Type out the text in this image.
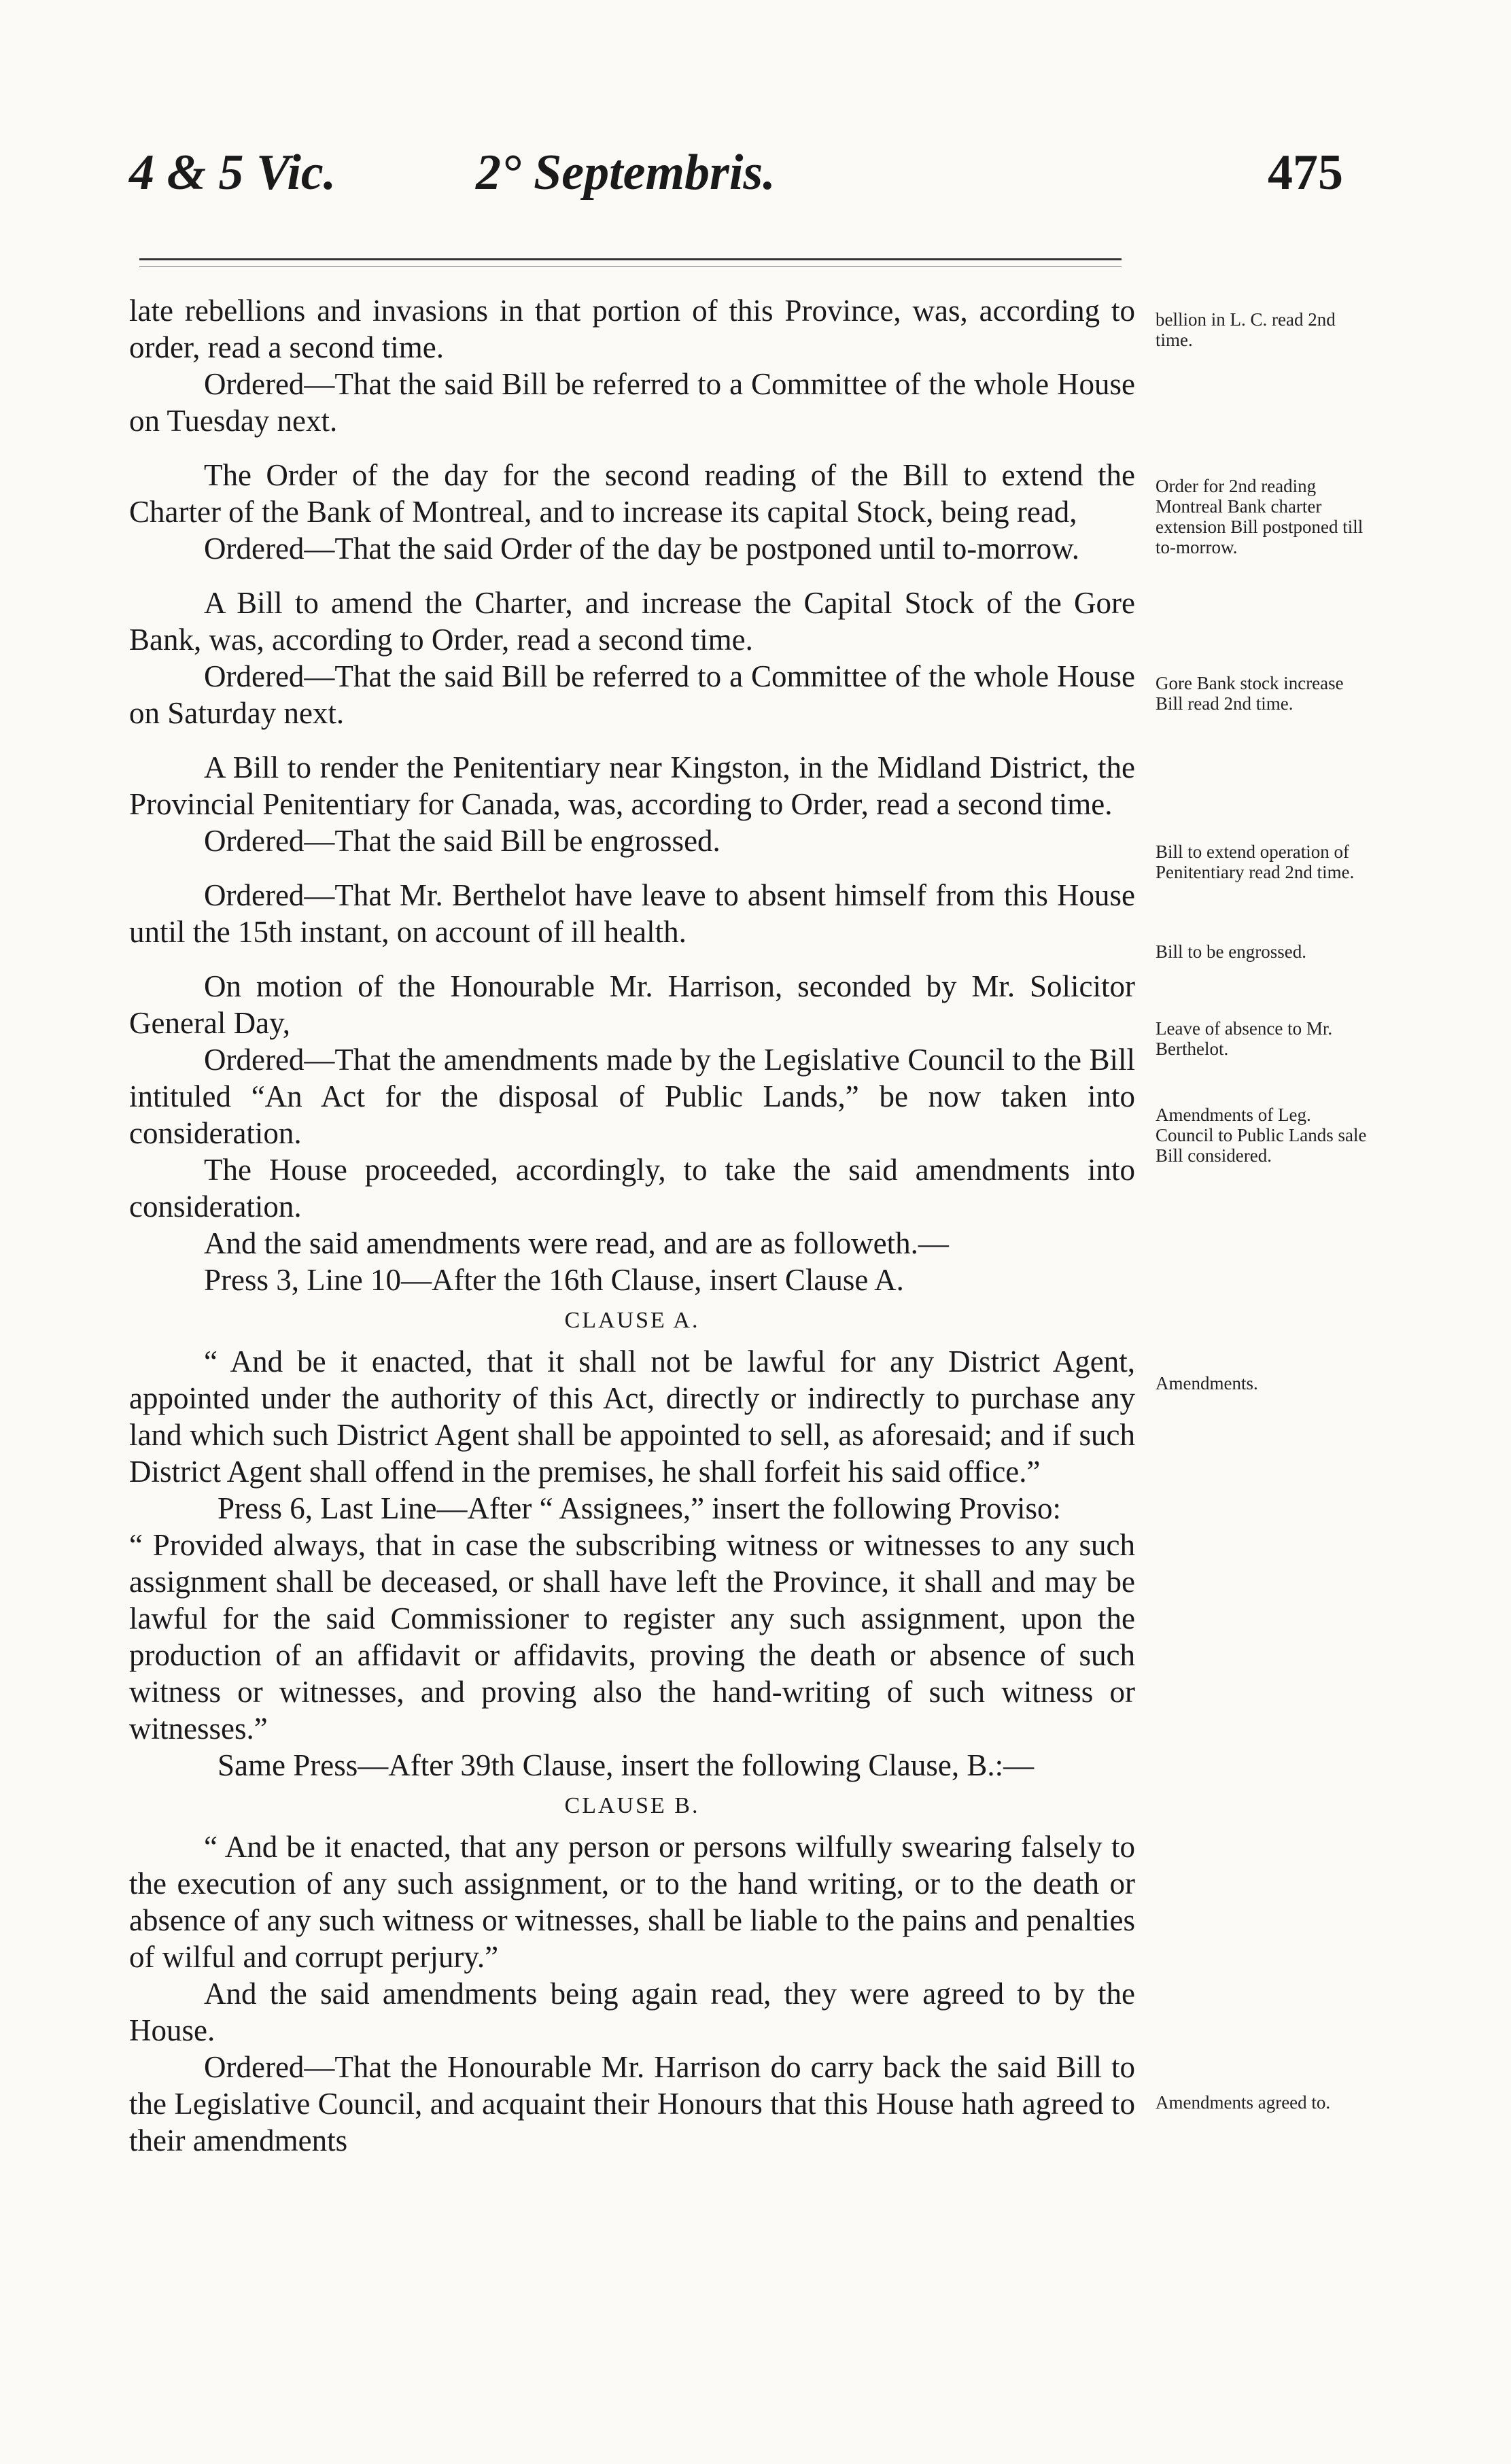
4 & 5 Vic.	2° Septembris.	475

late rebellions and invasions in that portion of this Province, was, according to order, read a second time.

Ordered—That the said Bill be referred to a Committee of the whole House on Tuesday next.

The Order of the day for the second reading of the Bill to extend the Charter of the Bank of Montreal, and to increase its capital Stock, being read,

Ordered—That the said Order of the day be postponed until to-morrow.

A Bill to amend the Charter, and increase the Capital Stock of the Gore Bank, was, according to Order, read a second time.

Ordered—That the said Bill be referred to a Committee of the whole House on Saturday next.

A Bill to render the Penitentiary near Kingston, in the Midland District, the Provincial Penitentiary for Canada, was, according to Order, read a second time.

Ordered—That the said Bill be engrossed.

Ordered—That Mr. Berthelot have leave to absent himself from this House until the 15th instant, on account of ill health.

On motion of the Honourable Mr. Harrison, seconded by Mr. Solicitor General Day,

Ordered—That the amendments made by the Legislative Council to the Bill intituled “An Act for the disposal of Public Lands,” be now taken into consideration.

The House proceeded, accordingly, to take the said amendments into consideration.

And the said amendments were read, and are as followeth.—

Press 3, Line 10—After the 16th Clause, insert Clause A.

CLAUSE A.

“ And be it enacted, that it shall not be lawful for any District Agent, appointed under the authority of this Act, directly or indirectly to purchase any land which such District Agent shall be appointed to sell, as aforesaid; and if such District Agent shall offend in the premises, he shall forfeit his said office.”

Press 6, Last Line—After “ Assignees,” insert the following Proviso:

“ Provided always, that in case the subscribing witness or witnesses to any such assignment shall be deceased, or shall have left the Province, it shall and may be lawful for the said Commissioner to register any such assignment, upon the production of an affidavit or affidavits, proving the death or absence of such witness or witnesses, and proving also the hand-writing of such witness or witnesses.”

Same Press—After 39th Clause, insert the following Clause, B.:—

CLAUSE B.

“ And be it enacted, that any person or persons wilfully swearing falsely to the execution of any such assignment, or to the hand writing, or to the death or absence of any such witness or witnesses, shall be liable to the pains and penalties of wilful and corrupt perjury.”

And the said amendments being again read, they were agreed to by the House.

Ordered—That the Honourable Mr. Harrison do carry back the said Bill to the Legislative Council, and acquaint their Honours that this House hath agreed to their amendments

bellion in L. C. read 2nd time.
Order for 2nd reading Montreal Bank charter extension Bill postponed till to-morrow.
Gore Bank stock increase Bill read 2nd time.
Bill to extend operation of Penitentiary read 2nd time.
Bill to be engrossed.
Leave of absence to Mr. Berthelot.
Amendments of Leg. Council to Public Lands sale Bill considered.
Amendments.
Amendments agreed to.
